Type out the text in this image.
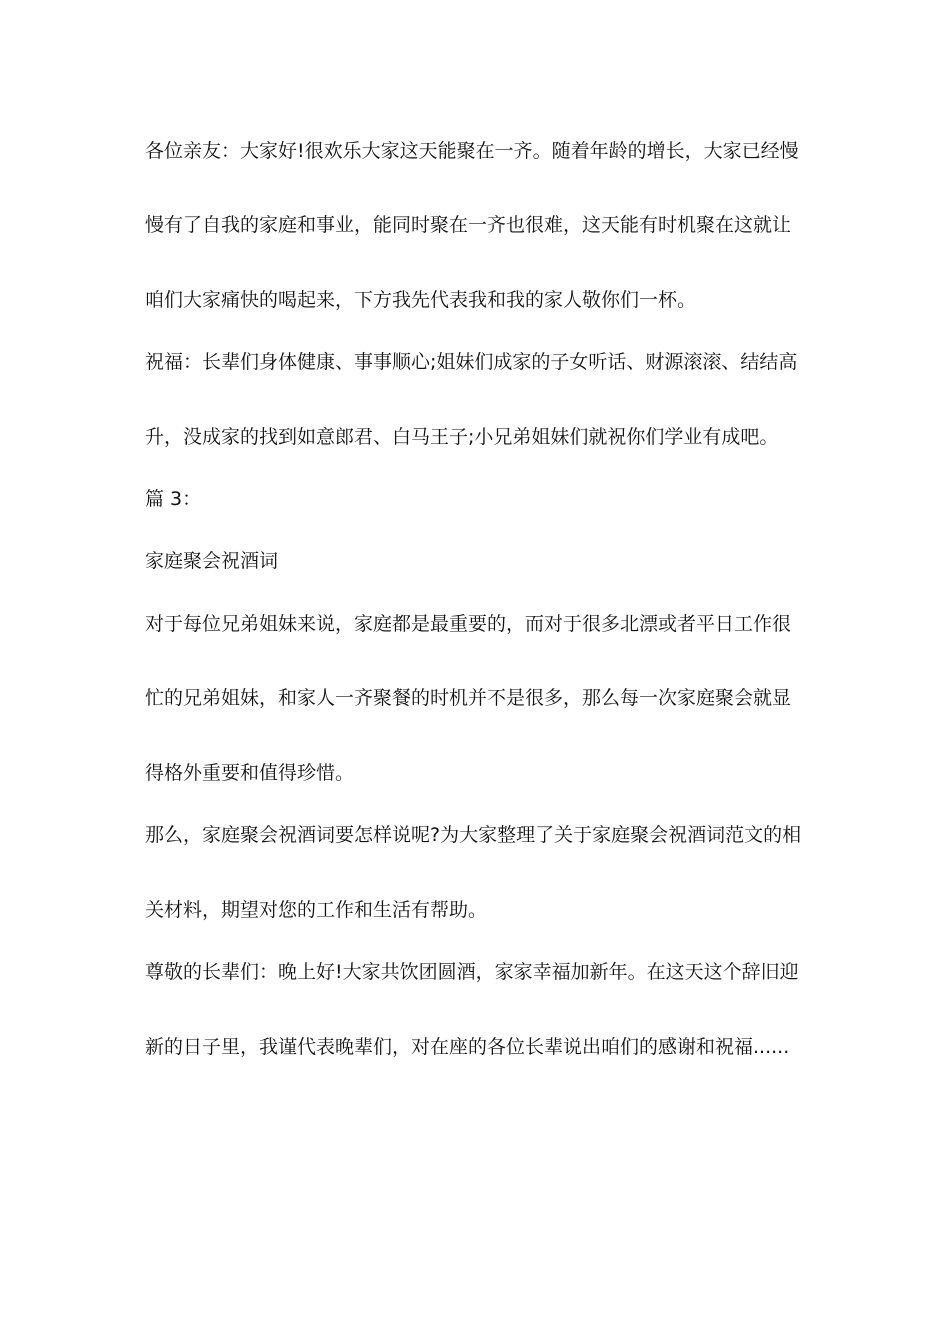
各位亲友：大家好!很欢乐大家这天能聚在一齐。随着年龄的增长，大家已经慢
慢有了自我的家庭和事业，能同时聚在一齐也很难，这天能有时机聚在这就让
咱们大家痛快的喝起来，下方我先代表我和我的家人敬你们一杯。
祝福：长辈们身体健康、事事顺心;姐妹们成家的子女听话、财源滚滚、结结高
升，没成家的找到如意郎君、白马王子;小兄弟姐妹们就祝你们学业有成吧。
篇 3：
家庭聚会祝酒词
对于每位兄弟姐妹来说，家庭都是最重要的，而对于很多北漂或者平日工作很
忙的兄弟姐妹，和家人一齐聚餐的时机并不是很多，那么每一次家庭聚会就显
得格外重要和值得珍惜。
那么，家庭聚会祝酒词要怎样说呢?为大家整理了关于家庭聚会祝酒词范文的相
关材料，期望对您的工作和生活有帮助。
尊敬的长辈们：晚上好!大家共饮团圆酒，家家幸福加新年。在这天这个辞旧迎
新的日子里，我谨代表晚辈们，对在座的各位长辈说出咱们的感谢和祝福......
